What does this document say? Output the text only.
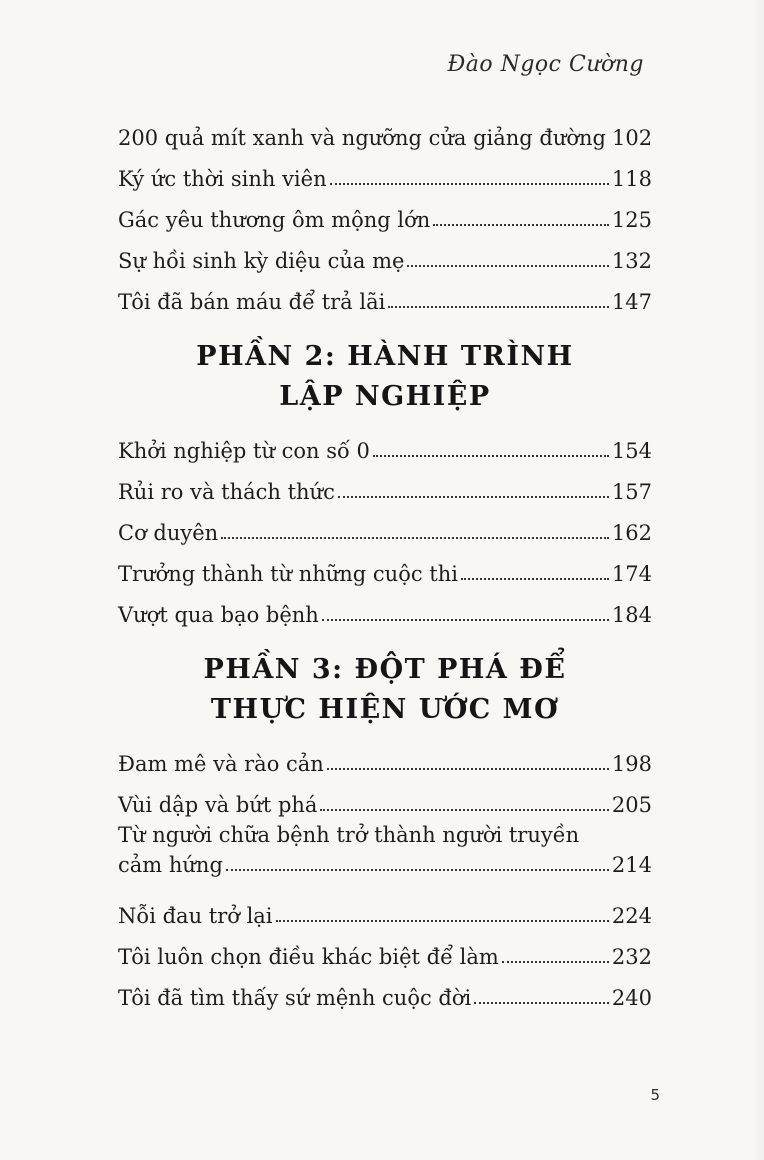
Đào Ngọc Cường
200 quả mít xanh và ngưỡng cửa giảng đường 102
Ký ức thời sinh viên	118
Gác yêu thương ôm mộng lớn	125
Sự hồi sinh kỳ diệu của mẹ	132
Tôi đã bán máu để trả lãi	147
PHẦN 2: HÀNH TRÌNH
LẬP NGHIỆP
Khởi nghiệp từ con số 0	154
Rủi ro và thách thức	157
Cơ duyên	162
Trưởng thành từ những cuộc thi	174
Vượt qua bạo bệnh	184
PHẦN 3: ĐỘT PHÁ ĐỂ
THỰC HIỆN ƯỚC MƠ
Đam mê và rào cản	198
Vùi dập và bứt phá	205
Từ người chữa bệnh trở thành người truyền
cảm hứng	214
Nỗi đau trở lại	224
Tôi luôn chọn điều khác biệt để làm	232
Tôi đã tìm thấy sứ mệnh cuộc đời	240
5
